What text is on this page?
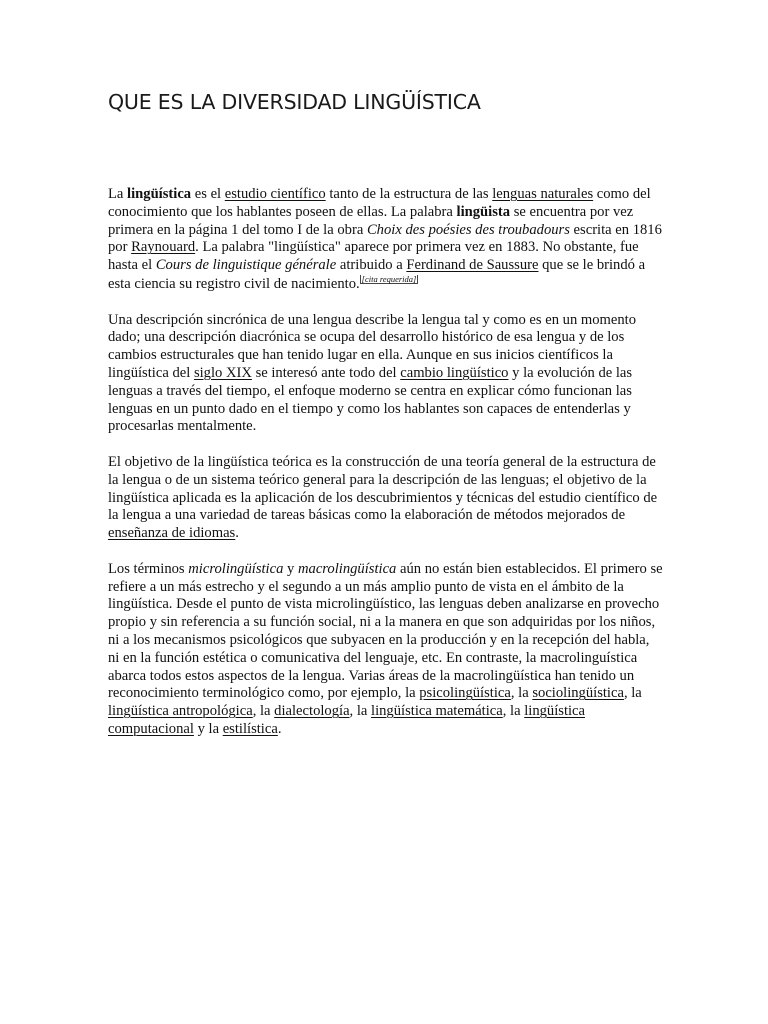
QUE ES LA DIVERSIDAD LINGÜÍSTICA

La lingüística es el estudio científico tanto de la estructura de las lenguas naturales como del conocimiento que los hablantes poseen de ellas. La palabra lingüista se encuentra por vez primera en la página 1 del tomo I de la obra Choix des poésies des troubadours escrita en 1816 por Raynouard. La palabra "lingüística" aparece por primera vez en 1883. No obstante, fue hasta el Cours de linguistique générale atribuido a Ferdinand de Saussure que se le brindó a esta ciencia su registro civil de nacimiento. [cita requerida]

Una descripción sincrónica de una lengua describe la lengua tal y como es en un momento dado; una descripción diacrónica se ocupa del desarrollo histórico de esa lengua y de los cambios estructurales que han tenido lugar en ella. Aunque en sus inicios científicos la lingüística del siglo XIX se interesó ante todo del cambio lingüístico y la evolución de las lenguas a través del tiempo, el enfoque moderno se centra en explicar cómo funcionan las lenguas en un punto dado en el tiempo y como los hablantes son capaces de entenderlas y procesarlas mentalmente.

El objetivo de la lingüística teórica es la construcción de una teoría general de la estructura de la lengua o de un sistema teórico general para la descripción de las lenguas; el objetivo de la lingüística aplicada es la aplicación de los descubrimientos y técnicas del estudio científico de la lengua a una variedad de tareas básicas como la elaboración de métodos mejorados de enseñanza de idiomas.

Los términos microlingüística y macrolingüística aún no están bien establecidos. El primero se refiere a un más estrecho y el segundo a un más amplio punto de vista en el ámbito de la lingüística. Desde el punto de vista microlingüístico, las lenguas deben analizarse en provecho propio y sin referencia a su función social, ni a la manera en que son adquiridas por los niños, ni a los mecanismos psicológicos que subyacen en la producción y en la recepción del habla, ni en la función estética o comunicativa del lenguaje, etc. En contraste, la macrolinguística abarca todos estos aspectos de la lengua. Varias áreas de la macrolingüística han tenido un reconocimiento terminológico como, por ejemplo, la psicolingüística, la sociolingüística, la lingüística antropológica, la dialectología, la lingüística matemática, la lingüística computacional y la estilística.
